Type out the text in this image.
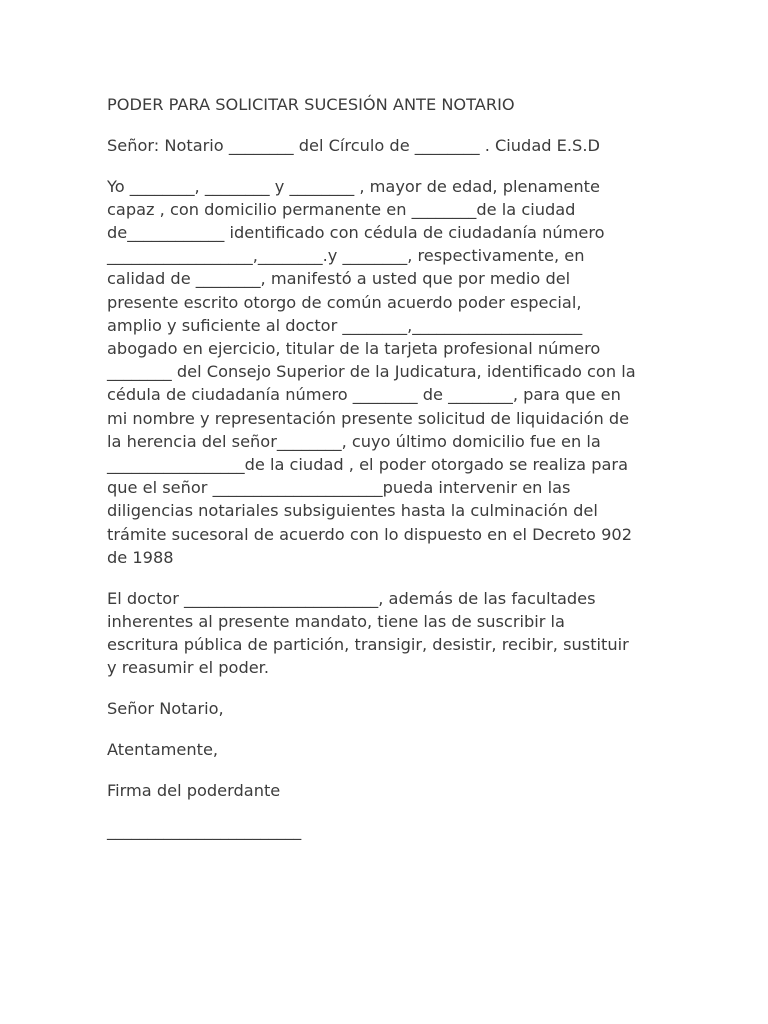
PODER PARA SOLICITAR SUCESIÓN ANTE NOTARIO

Señor: Notario ________ del Círculo de ________ . Ciudad E.S.D

Yo ________, ________ y ________ , mayor de edad, plenamente
capaz , con domicilio permanente en ________de la ciudad
de____________ identificado con cédula de ciudadanía número
__________________,________.y ________, respectivamente, en
calidad de ________, manifestó a usted que por medio del
presente escrito otorgo de común acuerdo poder especial,
amplio y suficiente al doctor ________,_____________________
abogado en ejercicio, titular de la tarjeta profesional número
________ del Consejo Superior de la Judicatura, identificado con la
cédula de ciudadanía número ________ de ________, para que en
mi nombre y representación presente solicitud de liquidación de
la herencia del señor________, cuyo último domicilio fue en la
_________________de la ciudad , el poder otorgado se realiza para
que el señor _____________________pueda intervenir en las
diligencias notariales subsiguientes hasta la culminación del
trámite sucesoral de acuerdo con lo dispuesto en el Decreto 902
de 1988

El doctor ________________________, además de las facultades
inherentes al presente mandato, tiene las de suscribir la
escritura pública de partición, transigir, desistir, recibir, sustituir
y reasumir el poder.

Señor Notario,

Atentamente,

Firma del poderdante

________________________
